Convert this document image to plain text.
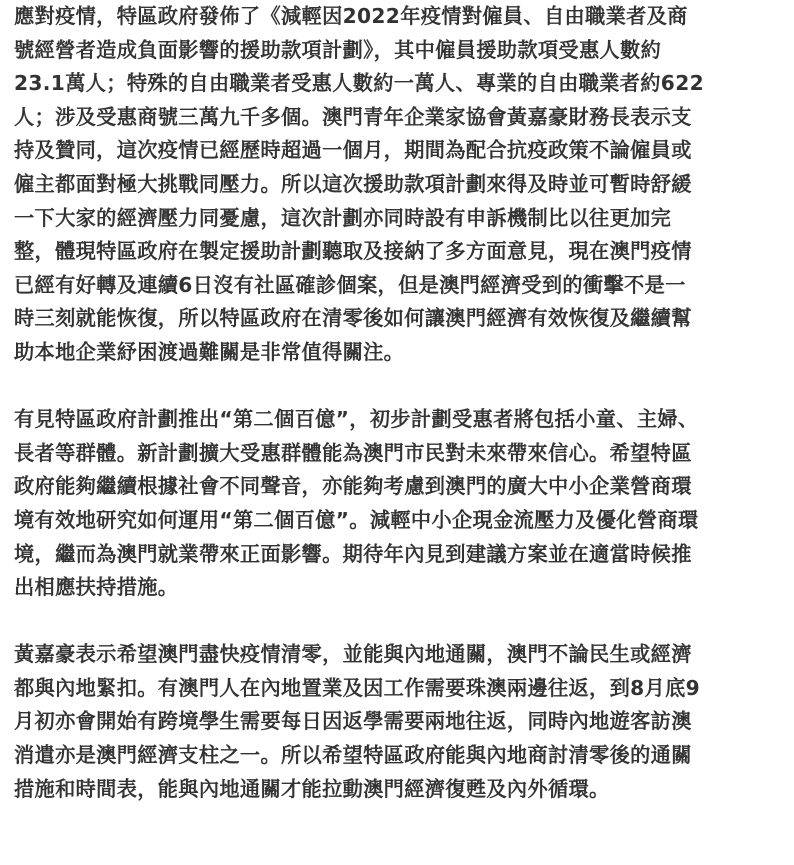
應對疫情，特區政府發佈了《減輕因2022年疫情對僱員、自由職業者及商
號經營者造成負面影響的援助款項計劃》，其中僱員援助款項受惠人數約
23.1萬人；特殊的自由職業者受惠人數約一萬人、專業的自由職業者約622
人；涉及受惠商號三萬九千多個。澳門青年企業家協會黃嘉豪財務長表示支
持及贊同，這次疫情已經歷時超過一個月，期間為配合抗疫政策不論僱員或
僱主都面對極大挑戰同壓力。所以這次援助款項計劃來得及時並可暫時舒緩
一下大家的經濟壓力同憂慮，這次計劃亦同時設有申訴機制比以往更加完
整，體現特區政府在製定援助計劃聽取及接納了多方面意見，現在澳門疫情
已經有好轉及連續6日沒有社區確診個案，但是澳門經濟受到的衝擊不是一
時三刻就能恢復，所以特區政府在清零後如何讓澳門經濟有效恢復及繼續幫
助本地企業紓困渡過難關是非常值得關注。

有見特區政府計劃推出“第二個百億”，初步計劃受惠者將包括小童、主婦、
長者等群體。新計劃擴大受惠群體能為澳門市民對未來帶來信心。希望特區
政府能夠繼續根據社會不同聲音，亦能夠考慮到澳門的廣大中小企業營商環
境有效地研究如何運用“第二個百億”。減輕中小企現金流壓力及優化營商環
境，繼而為澳門就業帶來正面影響。期待年內見到建議方案並在適當時候推
出相應扶持措施。

黃嘉豪表示希望澳門盡快疫情清零，並能與內地通關，澳門不論民生或經濟
都與內地緊扣。有澳門人在內地置業及因工作需要珠澳兩邊往返，到8月底9
月初亦會開始有跨境學生需要每日因返學需要兩地往返，同時內地遊客訪澳
消遣亦是澳門經濟支柱之一。所以希望特區政府能與內地商討清零後的通關
措施和時間表，能與內地通關才能拉動澳門經濟復甦及內外循環。
